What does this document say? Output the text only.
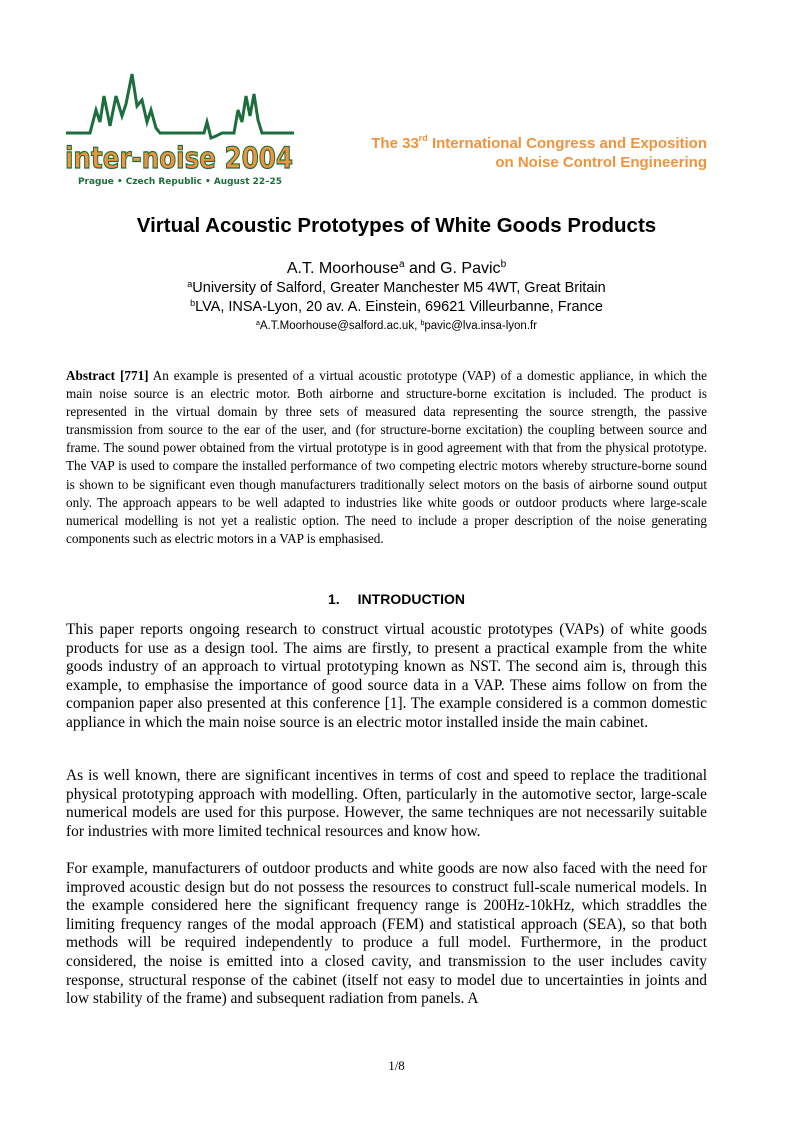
inter-noise 2004
Prague • Czech Republic • August 22–25
The 33rd International Congress and Exposition
on Noise Control Engineering
Virtual Acoustic Prototypes of White Goods Products
A.T. Moorhouse$^a$ and G. Pavic$^b$
$^a$University of Salford, Greater Manchester M5 4WT, Great Britain
$^b$LVA, INSA-Lyon, 20 av. A. Einstein, 69621 Villeurbanne, France
$^a$A.T.Moorhouse@salford.ac.uk, $^b$pavic@lva.insa-lyon.fr

Abstract [771] An example is presented of a virtual acoustic prototype (VAP) of a domestic appliance, in which the main noise source is an electric motor. Both airborne and structure-borne excitation is included. The product is represented in the virtual domain by three sets of measured data representing the source strength, the passive transmission from source to the ear of the user, and (for structure-borne excitation) the coupling between source and frame. The sound power obtained from the virtual prototype is in good agreement with that from the physical prototype. The VAP is used to compare the installed performance of two competing electric motors whereby structure-borne sound is shown to be significant even though manufacturers traditionally select motors on the basis of airborne sound output only. The approach appears to be well adapted to industries like white goods or outdoor products where large-scale numerical modelling is not yet a realistic option. The need to include a proper description of the noise generating components such as electric motors in a VAP is emphasised.

1. INTRODUCTION

This paper reports ongoing research to construct virtual acoustic prototypes (VAPs) of white goods products for use as a design tool. The aims are firstly, to present a practical example from the white goods industry of an approach to virtual prototyping known as NST. The second aim is, through this example, to emphasise the importance of good source data in a VAP. These aims follow on from the companion paper also presented at this conference [1]. The example considered is a common domestic appliance in which the main noise source is an electric motor installed inside the main cabinet.

As is well known, there are significant incentives in terms of cost and speed to replace the traditional physical prototyping approach with modelling. Often, particularly in the automotive sector, large-scale numerical models are used for this purpose. However, the same techniques are not necessarily suitable for industries with more limited technical resources and know how.

For example, manufacturers of outdoor products and white goods are now also faced with the need for improved acoustic design but do not possess the resources to construct full-scale numerical models. In the example considered here the significant frequency range is 200Hz-10kHz, which straddles the limiting frequency ranges of the modal approach (FEM) and statistical approach (SEA), so that both methods will be required independently to produce a full model. Furthermore, in the product considered, the noise is emitted into a closed cavity, and transmission to the user includes cavity response, structural response of the cabinet (itself not easy to model due to uncertainties in joints and low stability of the frame) and subsequent radiation from panels. A

1/8
